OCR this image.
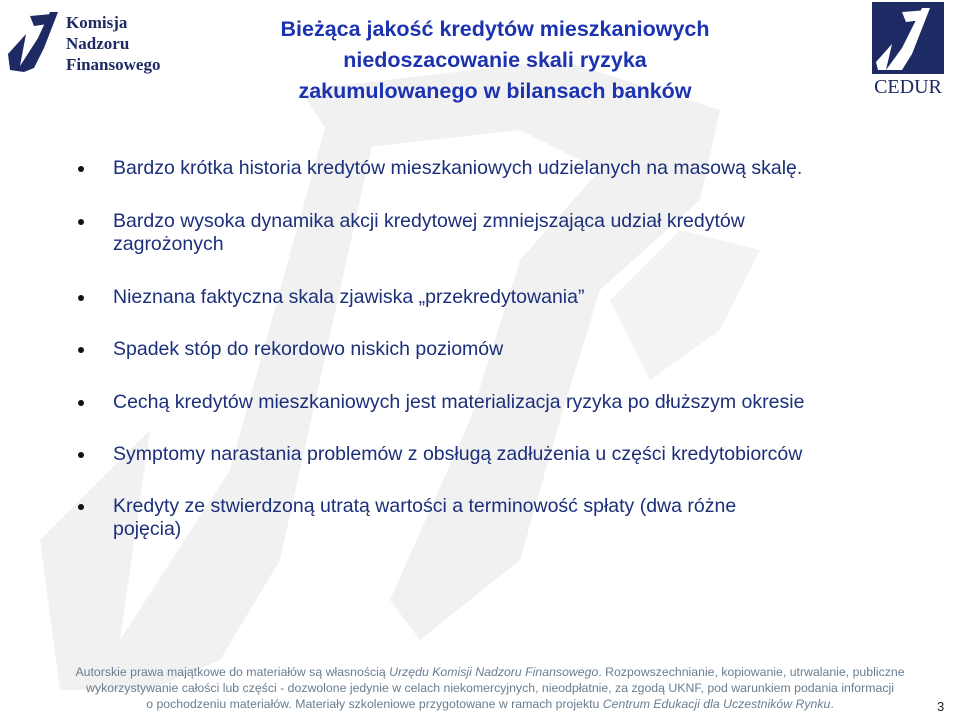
Komisja
Nadzoru
Finansowego
Bieżąca jakość kredytów mieszkaniowych
niedoszacowanie skali ryzyka
zakumulowanego w bilansach banków	CEDUR
Bardzo krótka historia kredytów mieszkaniowych udzielanych na masową skalę.
Bardzo wysoka dynamika akcji kredytowej zmniejszająca udział kredytów
zagrożonych
Nieznana faktyczna skala zjawiska „przekredytowania”
Spadek stóp do rekordowo niskich poziomów
Cechą kredytów mieszkaniowych jest materializacja ryzyka po dłuższym okresie
Symptomy narastania problemów z obsługą zadłużenia u części kredytobiorców
Kredyty ze stwierdzoną utratą wartości a terminowość spłaty (dwa różne
pojęcia)
Autorskie prawa majątkowe do materiałów są własnością Urzędu Komisji Nadzoru Finansowego. Rozpowszechnianie, kopiowanie, utrwalanie, publiczne
wykorzystywanie całości lub części - dozwolone jedynie w celach niekomercyjnych, nieodpłatnie, za zgodą UKNF, pod warunkiem podania informacji
o pochodzeniu materiałów. Materiały szkoleniowe przygotowane w ramach projektu Centrum Edukacji dla Uczestników Rynku.	3
